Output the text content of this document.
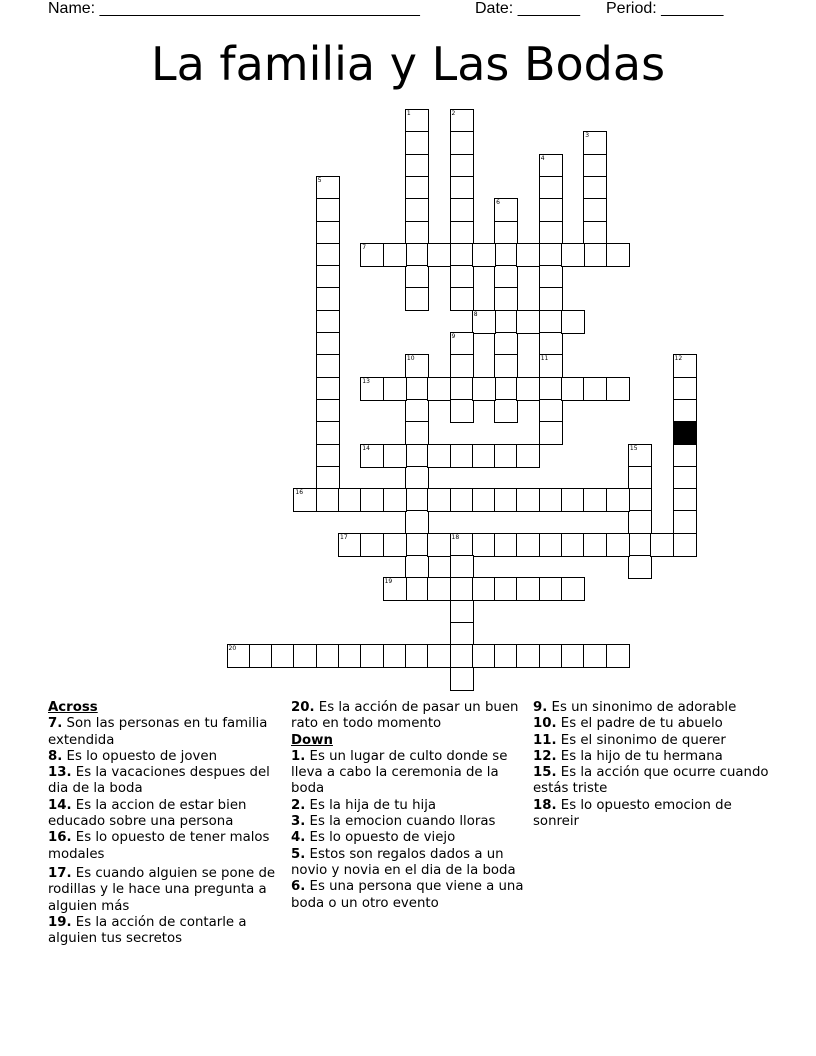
Name: ____________________________________	Date: _______ Period: _______
La familia y Las Bodas
1	2
3
4
5
6
7
8
9
10	11	12
13
14	15
16
17	18
19
20
Across
7. Son las personas en tu familia extendida
8. Es lo opuesto de joven
13. Es la vacaciones despues del dia de la boda
14. Es la accion de estar bien educado sobre una persona
16. Es lo opuesto de tener malos modales
17. Es cuando alguien se pone de rodillas y le hace una pregunta a alguien más
19. Es la acción de contarle a alguien tus secretos
20. Es la acción de pasar un buen rato en todo momento
Down
1. Es un lugar de culto donde se lleva a cabo la ceremonia de la boda
2. Es la hija de tu hija
3. Es la emocion cuando lloras
4. Es lo opuesto de viejo
5. Estos son regalos dados a un novio y novia en el dia de la boda
6. Es una persona que viene a una boda o un otro evento
9. Es un sinonimo de adorable
10. Es el padre de tu abuelo
11. Es el sinonimo de querer
12. Es la hijo de tu hermana
15. Es la acción que ocurre cuando estás triste
18. Es lo opuesto emocion de sonreir
